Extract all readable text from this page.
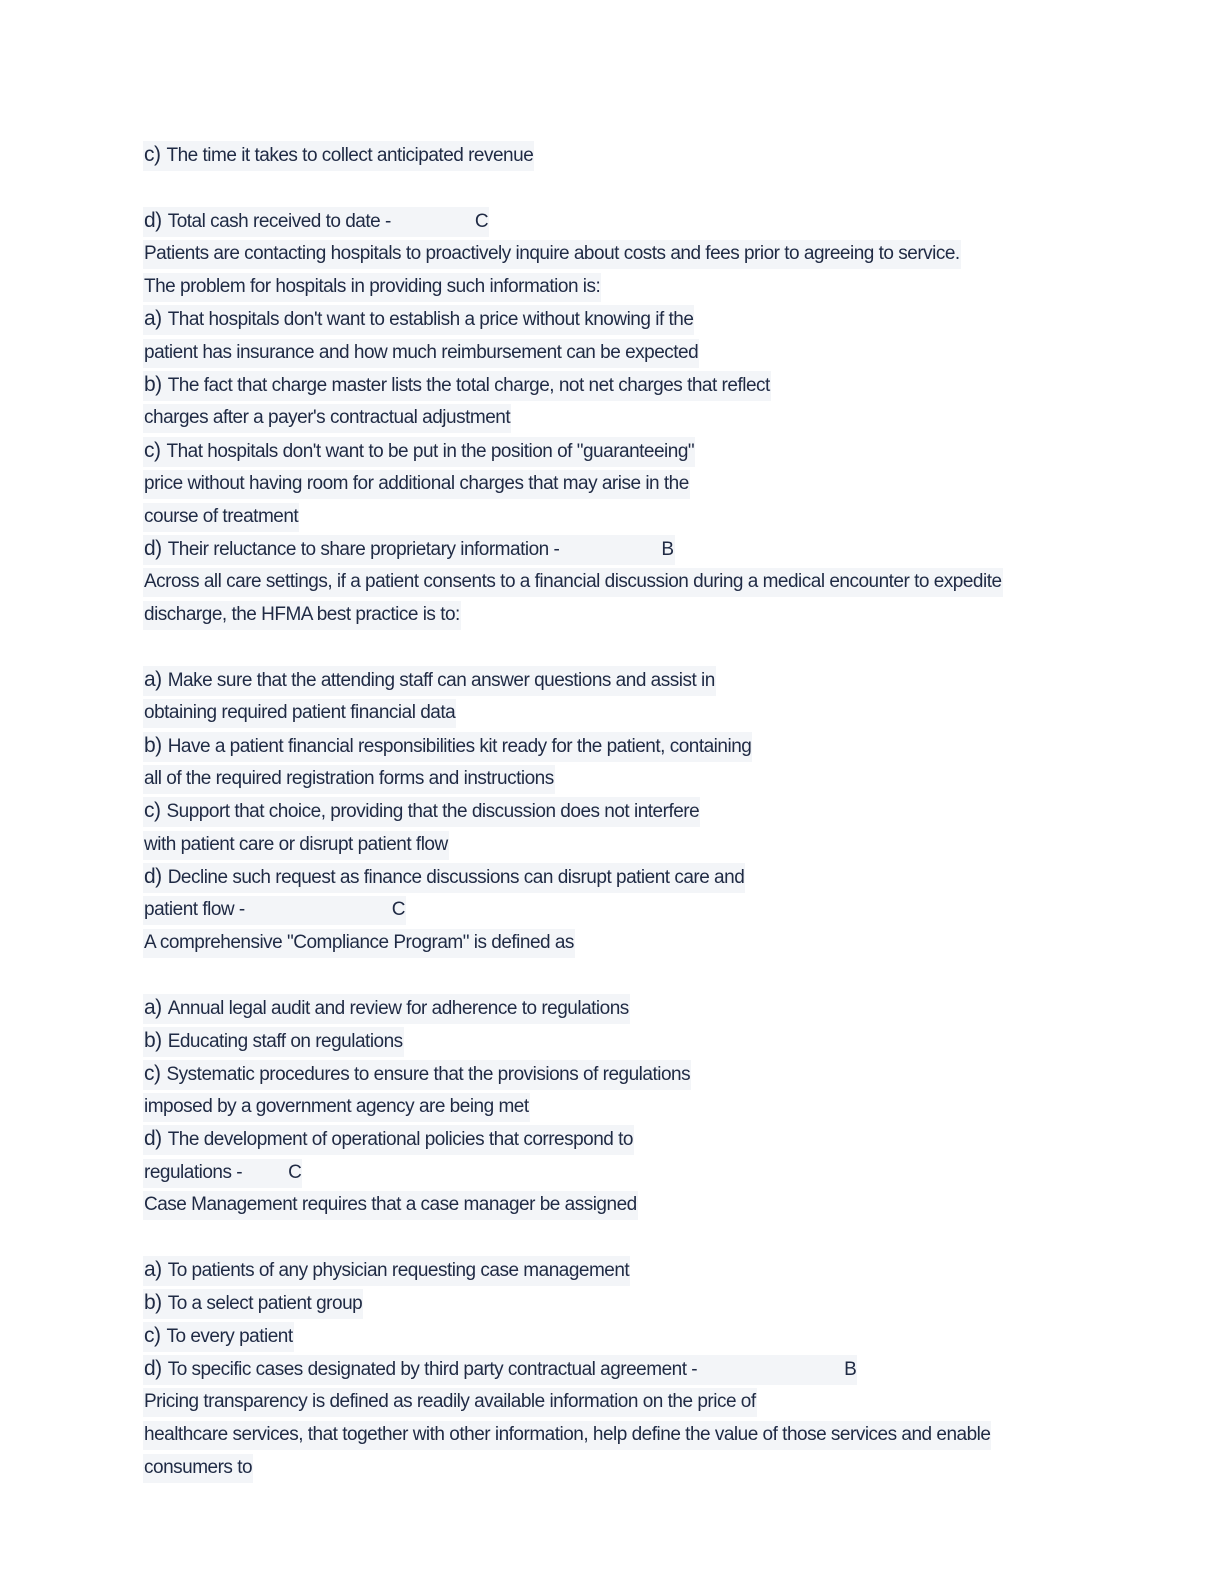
c) The time it takes to collect anticipated revenue
d) Total cash received to date -	C
Patients are contacting hospitals to proactively inquire about costs and fees prior to agreeing to service.
The problem for hospitals in providing such information is:
a) That hospitals don't want to establish a price without knowing if the
patient has insurance and how much reimbursement can be expected
b) The fact that charge master lists the total charge, not net charges that reflect
charges after a payer's contractual adjustment
c) That hospitals don't want to be put in the position of "guaranteeing"
price without having room for additional charges that may arise in the
course of treatment
d) Their reluctance to share proprietary information -	B
Across all care settings, if a patient consents to a financial discussion during a medical encounter to expedite
discharge, the HFMA best practice is to:
a) Make sure that the attending staff can answer questions and assist in
obtaining required patient financial data
b) Have a patient financial responsibilities kit ready for the patient, containing
all of the required registration forms and instructions
c) Support that choice, providing that the discussion does not interfere
with patient care or disrupt patient flow
d) Decline such request as finance discussions can disrupt patient care and
patient flow -	C
A comprehensive "Compliance Program" is defined as
a) Annual legal audit and review for adherence to regulations
b) Educating staff on regulations
c) Systematic procedures to ensure that the provisions of regulations
imposed by a government agency are being met
d) The development of operational policies that correspond to
regulations - C
Case Management requires that a case manager be assigned
a) To patients of any physician requesting case management
b) To a select patient group
c) To every patient
d) To specific cases designated by third party contractual agreement -	B
Pricing transparency is defined as readily available information on the price of
healthcare services, that together with other information, help define the value of those services and enable
consumers to
